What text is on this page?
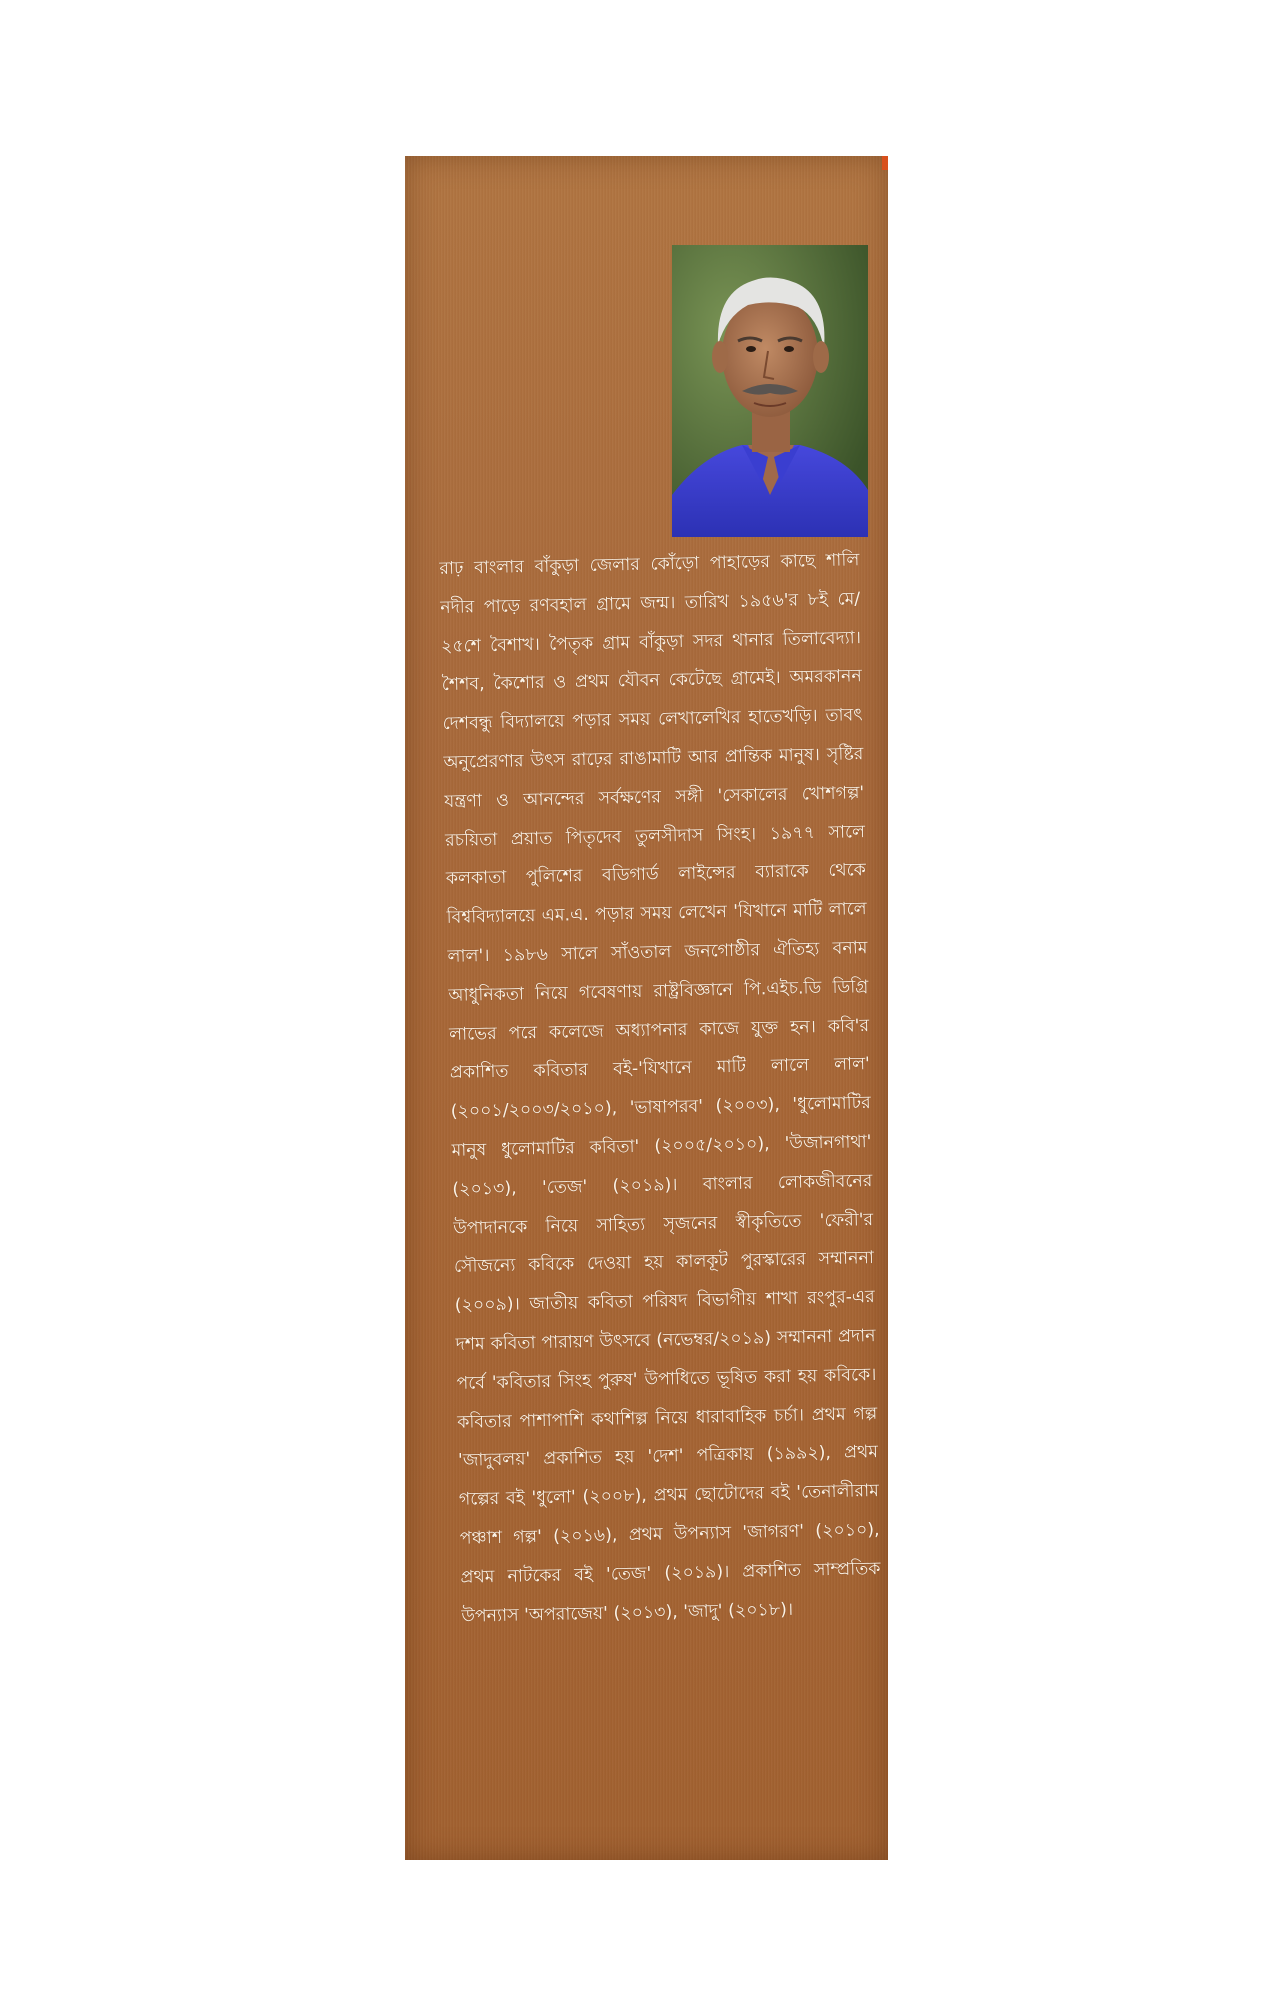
রাঢ় বাংলার বাঁকুড়া জেলার কোঁড়ো পাহাড়ের কাছে শালি নদীর পাড়ে রণবহাল গ্রামে জন্ম। তারিখ ১৯৫৬'র ৮ই মে/২৫শে বৈশাখ। পৈতৃক গ্রাম বাঁকুড়া সদর থানার তিলাবেদ্যা। শৈশব, কৈশোর ও প্রথম যৌবন কেটেছে গ্রামেই। অমরকানন দেশবন্ধু বিদ্যালয়ে পড়ার সময় লেখালেখির হাতেখড়ি। তাবৎ অনুপ্রেরণার উৎস রাঢ়ের রাঙামাটি আর প্রান্তিক মানুষ। সৃষ্টির যন্ত্রণা ও আনন্দের সর্বক্ষণের সঙ্গী 'সেকালের খোশগল্প' রচয়িতা প্রয়াত পিতৃদেব তুলসীদাস সিংহ। ১৯৭৭ সালে কলকাতা পুলিশের বডিগার্ড লাইন্সের ব্যারাকে থেকে বিশ্ববিদ্যালয়ে এম.এ. পড়ার সময় লেখেন 'যিখানে মাটি লালে লাল'। ১৯৮৬ সালে সাঁওতাল জনগোষ্ঠীর ঐতিহ্য বনাম আধুনিকতা নিয়ে গবেষণায় রাষ্ট্রবিজ্ঞানে পি.এইচ.ডি ডিগ্রি লাভের পরে কলেজে অধ্যাপনার কাজে যুক্ত হন। কবি'র প্রকাশিত কবিতার বই-'যিখানে মাটি লালে লাল' (২০০১/২০০৩/২০১০), 'ভাষাপরব' (২০০৩), 'ধুলোমাটির মানুষ ধুলোমাটির কবিতা' (২০০৫/২০১০), 'উজানগাথা' (২০১৩), 'তেজ' (২০১৯)। বাংলার লোকজীবনের উপাদানকে নিয়ে সাহিত্য সৃজনের স্বীকৃতিতে 'ফেরী'র সৌজন্যে কবিকে দেওয়া হয় কালকূট পুরস্কারের সম্মাননা (২০০৯)। জাতীয় কবিতা পরিষদ বিভাগীয় শাখা রংপুর-এর দশম কবিতা পারায়ণ উৎসবে (নভেম্বর/২০১৯) সম্মাননা প্রদান পর্বে 'কবিতার সিংহ পুরুষ' উপাধিতে ভূষিত করা হয় কবিকে। কবিতার পাশাপাশি কথাশিল্প নিয়ে ধারাবাহিক চর্চা। প্রথম গল্প 'জাদুবলয়' প্রকাশিত হয় 'দেশ' পত্রিকায় (১৯৯২), প্রথম গল্পের বই 'ধুলো' (২০০৮), প্রথম ছোটোদের বই 'তেনালীরাম পঞ্চাশ গল্প' (২০১৬), প্রথম উপন্যাস 'জাগরণ' (২০১০), প্রথম নাটকের বই 'তেজ' (২০১৯)। প্রকাশিত সাম্প্রতিক উপন্যাস 'অপরাজেয়' (২০১৩), 'জাদু' (২০১৮)।
